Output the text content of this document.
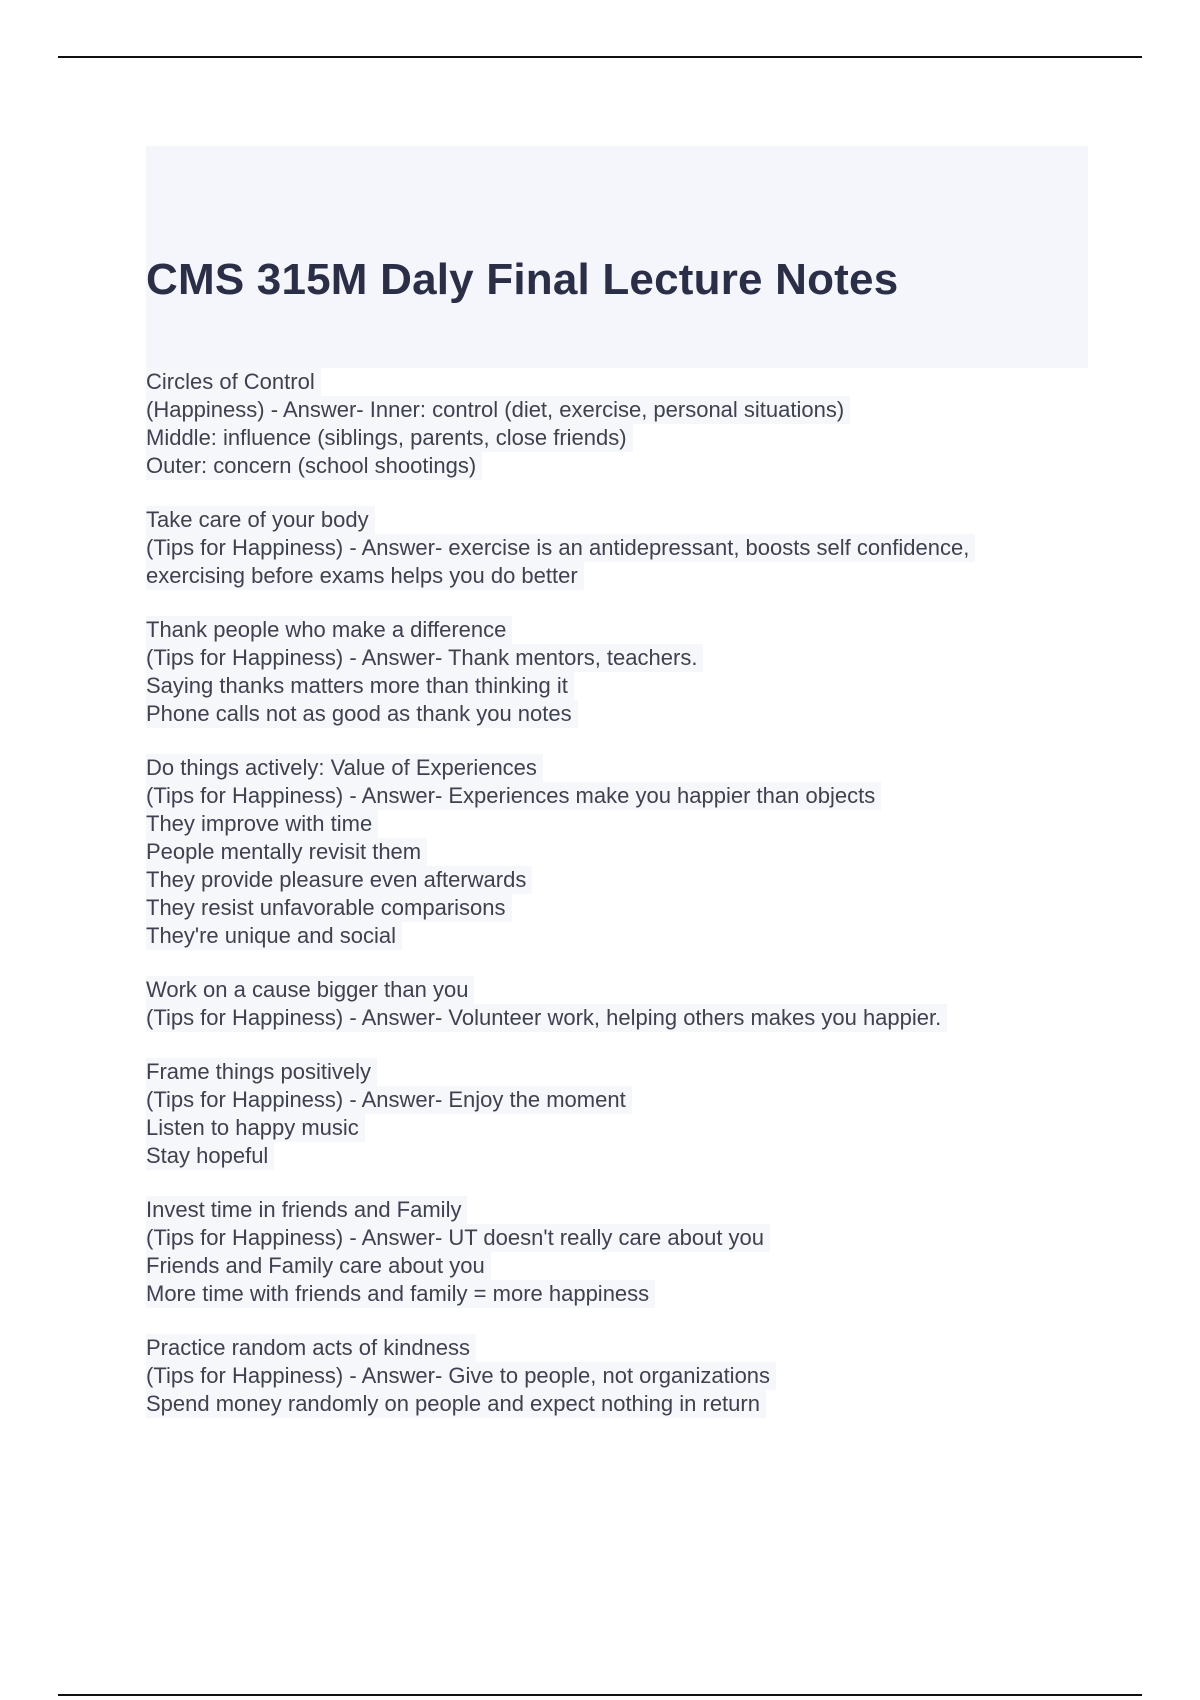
CMS 315M Daly Final Lecture Notes
Circles of Control
(Happiness) - Answer- Inner: control (diet, exercise, personal situations)
Middle: influence (siblings, parents, close friends)
Outer: concern (school shootings)
Take care of your body
(Tips for Happiness) - Answer- exercise is an antidepressant, boosts self confidence,
exercising before exams helps you do better
Thank people who make a difference
(Tips for Happiness) - Answer- Thank mentors, teachers.
Saying thanks matters more than thinking it
Phone calls not as good as thank you notes
Do things actively: Value of Experiences
(Tips for Happiness) - Answer- Experiences make you happier than objects
They improve with time
People mentally revisit them
They provide pleasure even afterwards
They resist unfavorable comparisons
They're unique and social
Work on a cause bigger than you
(Tips for Happiness) - Answer- Volunteer work, helping others makes you happier.
Frame things positively
(Tips for Happiness) - Answer- Enjoy the moment
Listen to happy music
Stay hopeful
Invest time in friends and Family
(Tips for Happiness) - Answer- UT doesn't really care about you
Friends and Family care about you
More time with friends and family = more happiness
Practice random acts of kindness
(Tips for Happiness) - Answer- Give to people, not organizations
Spend money randomly on people and expect nothing in return
